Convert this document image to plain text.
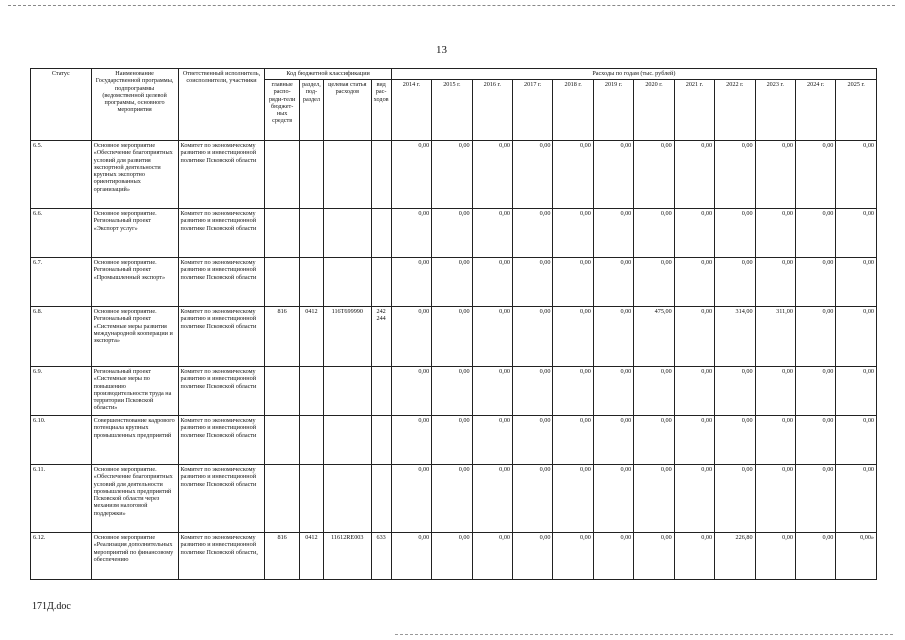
13
Статус	Наименование Государственной программы, подпрограммы (ведомственной целевой программы, основного мероприятия	Ответственный исполнитель, соисполнители, участники	Код бюджетной классификации				Расходы по годам (тыс. рублей)											
			главные распо-ряди-тели бюджет-ных средств	раздел, под-раздел	целевая статья расходов	вид рас-ходов	2014 г.	2015 г.	2016 г.	2017 г.	2018 г.	2019 г.	2020 г.	2021 г.	2022 г.	2023 г.	2024 г.	2025 г.
6.5.	Основное мероприятие «Обеспечение благоприятных условий для развития экспортной деятельности крупных экспортно ориентированных организаций»	Комитет по экономическому развитию и инвестиционной политике Псковской области					0,00	0,00	0,00	0,00	0,00	0,00	0,00	0,00	0,00	0,00	0,00	0,00
6.6.	Основное мероприятие. Региональный проект «Экспорт услуг»	Комитет по экономическому развитию и инвестиционной политике Псковской области					0,00	0,00	0,00	0,00	0,00	0,00	0,00	0,00	0,00	0,00	0,00	0,00
6.7.	Основное мероприятие. Региональный проект «Промышленный экспорт»	Комитет по экономическому развитию и инвестиционной политике Псковской области					0,00	0,00	0,00	0,00	0,00	0,00	0,00	0,00	0,00	0,00	0,00	0,00
6.8.	Основное мероприятие. Региональный проект «Системные меры развития международной кооперации и экспорта»	Комитет по экономическому развитию и инвестиционной политике Псковской области	816	0412	116T699990	242 244	0,00	0,00	0,00	0,00	0,00	0,00	475,00	0,00	314,00	311,00	0,00	0,00
6.9.	Региональный проект «Системные меры по повышению производительности труда на территории Псковской области»	Комитет по экономическому развитию и инвестиционной политике Псковской области					0,00	0,00	0,00	0,00	0,00	0,00	0,00	0,00	0,00	0,00	0,00	0,00
6.10.	Совершенствование кадрового потенциала крупных промышленных предприятий	Комитет по экономическому развитию и инвестиционной политике Псковской области					0,00	0,00	0,00	0,00	0,00	0,00	0,00	0,00	0,00	0,00	0,00	0,00
6.11.	Основное мероприятие. «Обеспечение благоприятных условий для деятельности промышленных предприятий Псковской области через механизм налоговой поддержки»	Комитет по экономическому развитию и инвестиционной политике Псковской области					0,00	0,00	0,00	0,00	0,00	0,00	0,00	0,00	0,00	0,00	0,00	0,00
6.12.	Основное мероприятие «Реализация дополнительных мероприятий по финансовому обеспечению	Комитет по экономическому развитию и инвестиционной политике Псковской области,	816	0412	11612RЕ003	633	0,00	0,00	0,00	0,00	0,00	0,00	0,00	0,00	226,80	0,00	0,00	0,00»
171Д.doc
